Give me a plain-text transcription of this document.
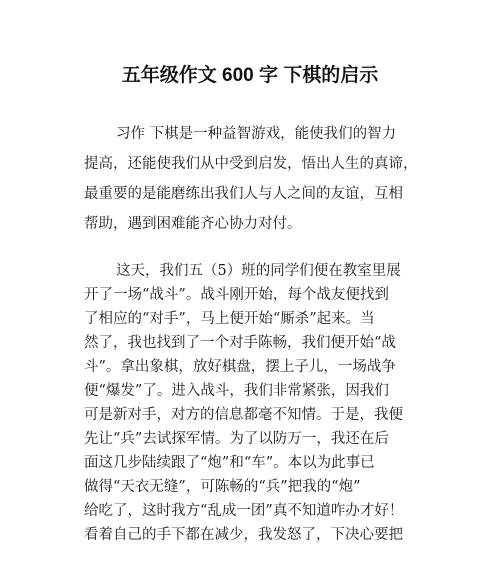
五年级作文 600 字 下棋的启示
习作 下棋是一种益智游戏，能使我们的智力
提高，还能使我们从中受到启发，悟出人生的真谛，
最重要的是能磨练出我们人与人之间的友谊，互相
帮助，遇到困难能齐心协力对付。
这天，我们五（5）班的同学们便在教室里展
开了一场“战斗”。战斗刚开始，每个战友便找到
了相应的“对手”，马上便开始“厮杀”起来。当
然了，我也找到了一个对手陈畅，我们便开始“战
斗”。拿出象棋，放好棋盘，摆上子儿，一场战争
便“爆发”了。进入战斗，我们非常紧张，因我们
可是新对手，对方的信息都毫不知情。于是，我便
先让“兵”去试探军情。为了以防万一，我还在后
面这几步陆续跟了“炮”和“车”。本以为此事已
做得“天衣无缝”，可陈畅的“兵”把我的“炮”
给吃了，这时我方“乱成一团”真不知道咋办才好！
看着自己的手下都在减少，我发怒了，下决心要把
